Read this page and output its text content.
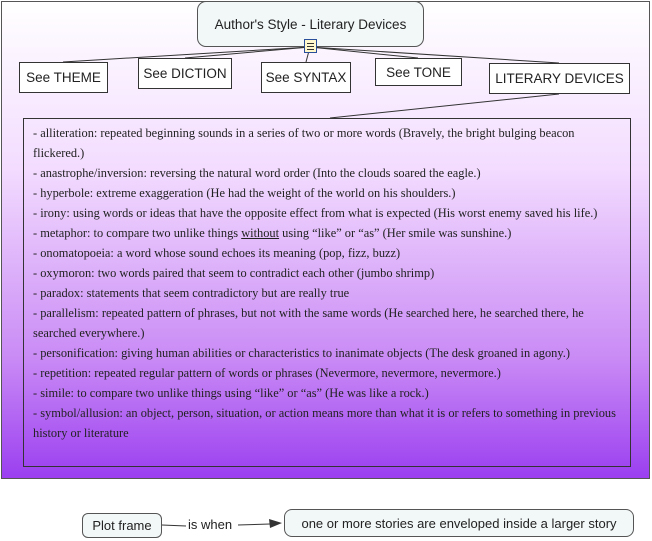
Author's Style - Literary Devices
See THEME	See DICTION	See SYNTAX	See TONE	LITERARY DEVICES

- alliteration: repeated beginning sounds in a series of two or more words (Bravely, the bright bulging beacon flickered.)

- anastrophe/inversion: reversing the natural word order (Into the clouds soared the eagle.)

- hyperbole: extreme exaggeration (He had the weight of the world on his shoulders.)

- irony: using words or ideas that have the opposite effect from what is expected (His worst enemy saved his life.)

- metaphor: to compare two unlike things without using “like” or “as” (Her smile was sunshine.)

- onomatopoeia: a word whose sound echoes its meaning (pop, fizz, buzz)

- oxymoron: two words paired that seem to contradict each other (jumbo shrimp)

- paradox: statements that seem contradictory but are really true

- parallelism: repeated pattern of phrases, but not with the same words (He searched here, he searched there, he searched everywhere.)

- personification: giving human abilities or characteristics to inanimate objects (The desk groaned in agony.)

- repetition: repeated regular pattern of words or phrases (Nevermore, nevermore, nevermore.)

- simile: to compare two unlike things using “like” or “as” (He was like a rock.)

- symbol/allusion: an object, person, situation, or action means more than what it is or refers to something in previous history or literature

Plot frame	is when	one or more stories are enveloped inside a larger story
